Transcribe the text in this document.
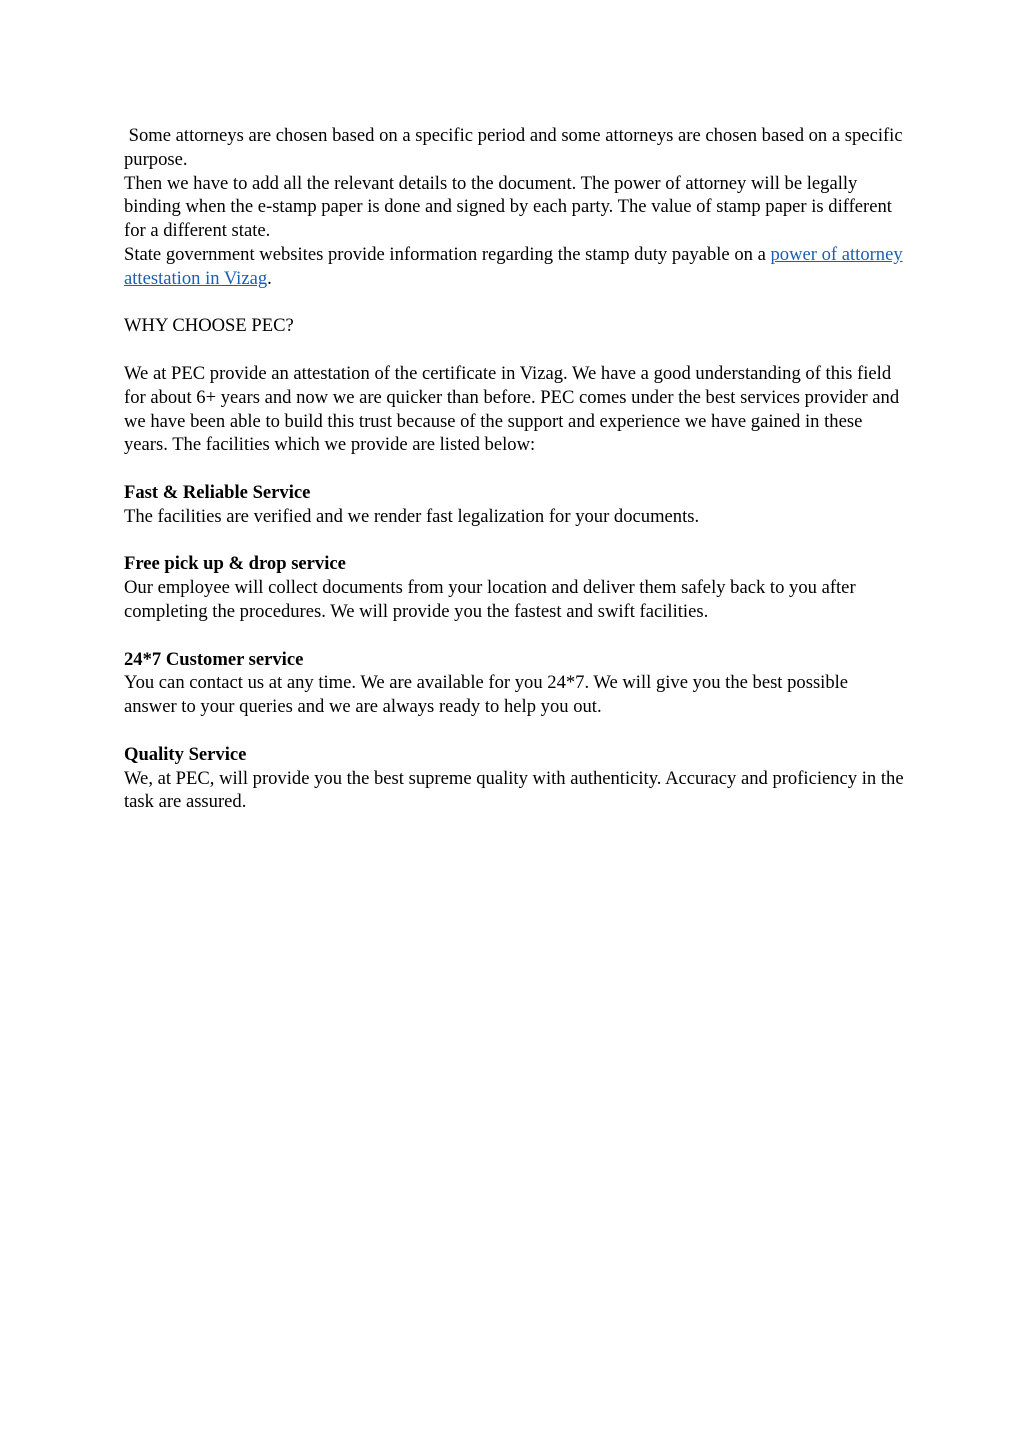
Some attorneys are chosen based on a specific period and some attorneys are chosen based on a specific purpose.

Then we have to add all the relevant details to the document. The power of attorney will be legally binding when the e-stamp paper is done and signed by each party. The value of stamp paper is different for a different state.

State government websites provide information regarding the stamp duty payable on a power of attorney attestation in Vizag.

WHY CHOOSE PEC?

We at PEC provide an attestation of the certificate in Vizag. We have a good understanding of this field for about 6+ years and now we are quicker than before. PEC comes under the best services provider and we have been able to build this trust because of the support and experience we have gained in these years. The facilities which we provide are listed below:

Fast & Reliable Service

The facilities are verified and we render fast legalization for your documents.

Free pick up & drop service

Our employee will collect documents from your location and deliver them safely back to you after completing the procedures. We will provide you the fastest and swift facilities.

24*7 Customer service

You can contact us at any time. We are available for you 24*7. We will give you the best possible answer to your queries and we are always ready to help you out.

Quality Service

We, at PEC, will provide you the best supreme quality with authenticity. Accuracy and proficiency in the task are assured.
